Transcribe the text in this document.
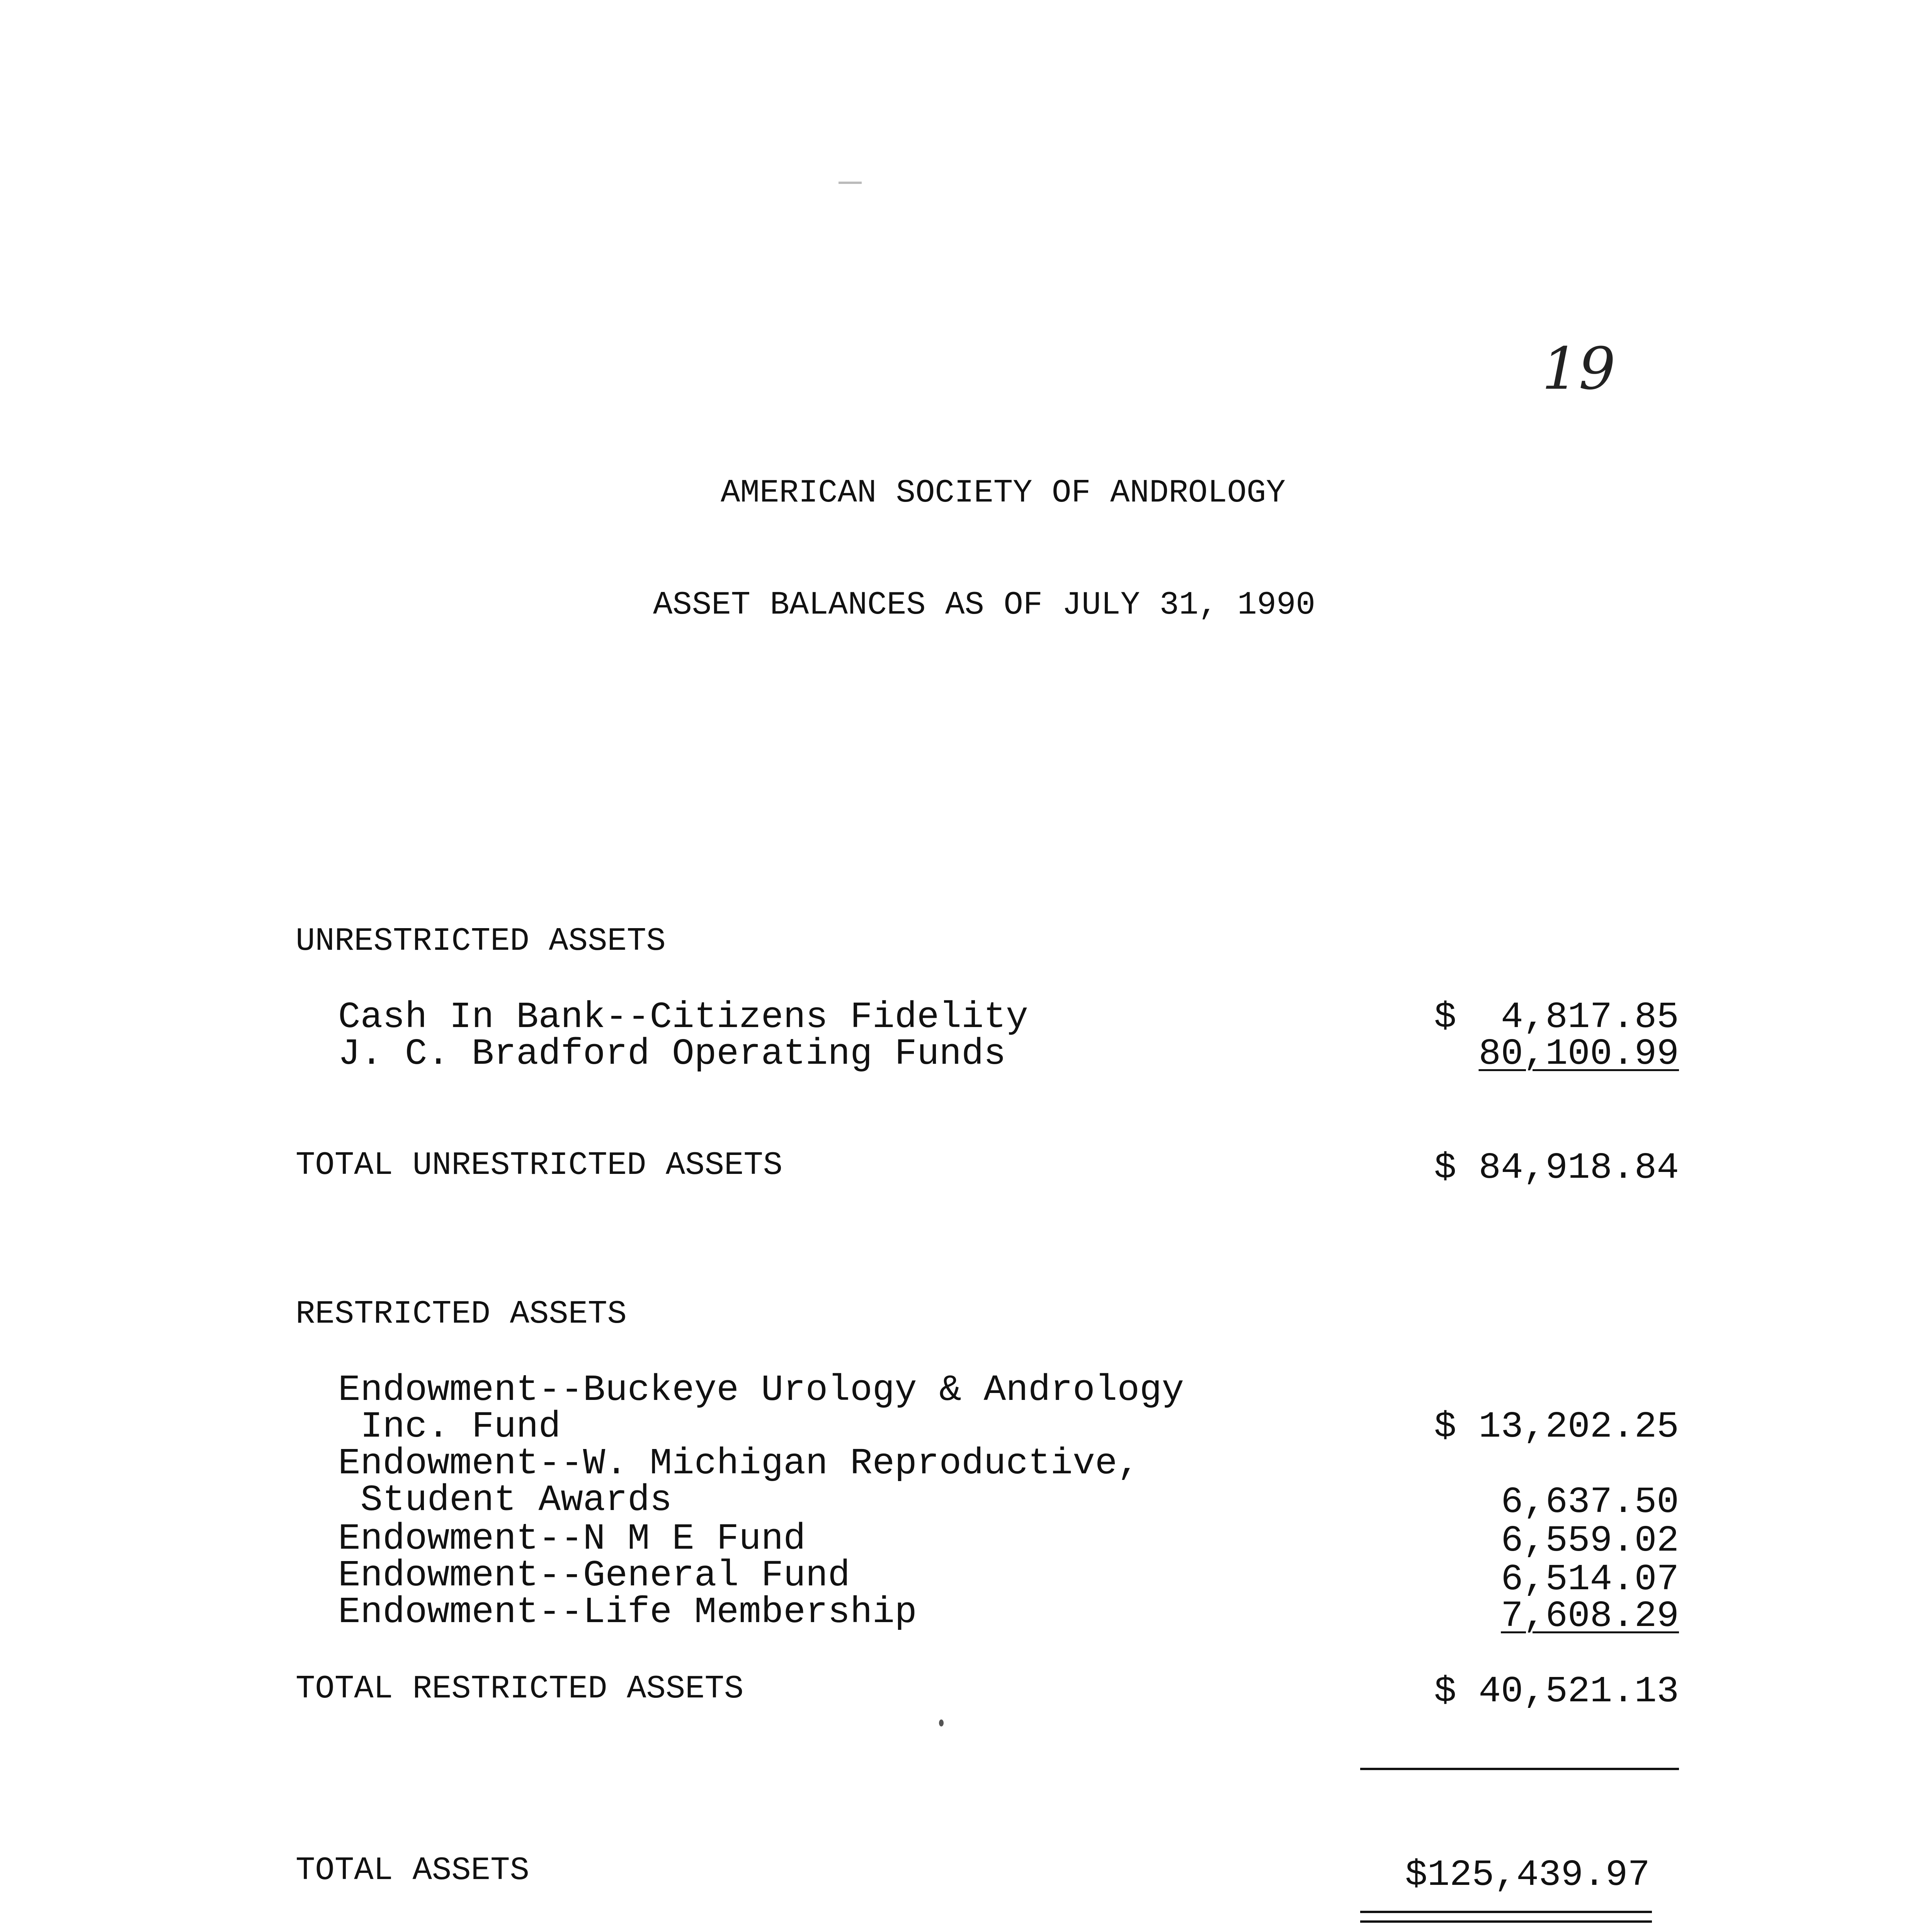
19
AMERICAN SOCIETY OF ANDROLOGY
ASSET BALANCES AS OF JULY 31, 1990
UNRESTRICTED ASSETS
Cash In Bank--Citizens Fidelity	$  4,817.85
J. C. Bradford Operating Funds	80,100.99
TOTAL UNRESTRICTED ASSETS	$ 84,918.84
RESTRICTED ASSETS
Endowment--Buckeye Urology & Andrology
Inc. Fund	$ 13,202.25
Endowment--W. Michigan Reproductive,
Student Awards	6,637.50
Endowment--N M E Fund	6,559.02
Endowment--General Fund	6,514.07
Endowment--Life Membership	7,608.29
TOTAL RESTRICTED ASSETS	$ 40,521.13
TOTAL ASSETS	$125,439.97
